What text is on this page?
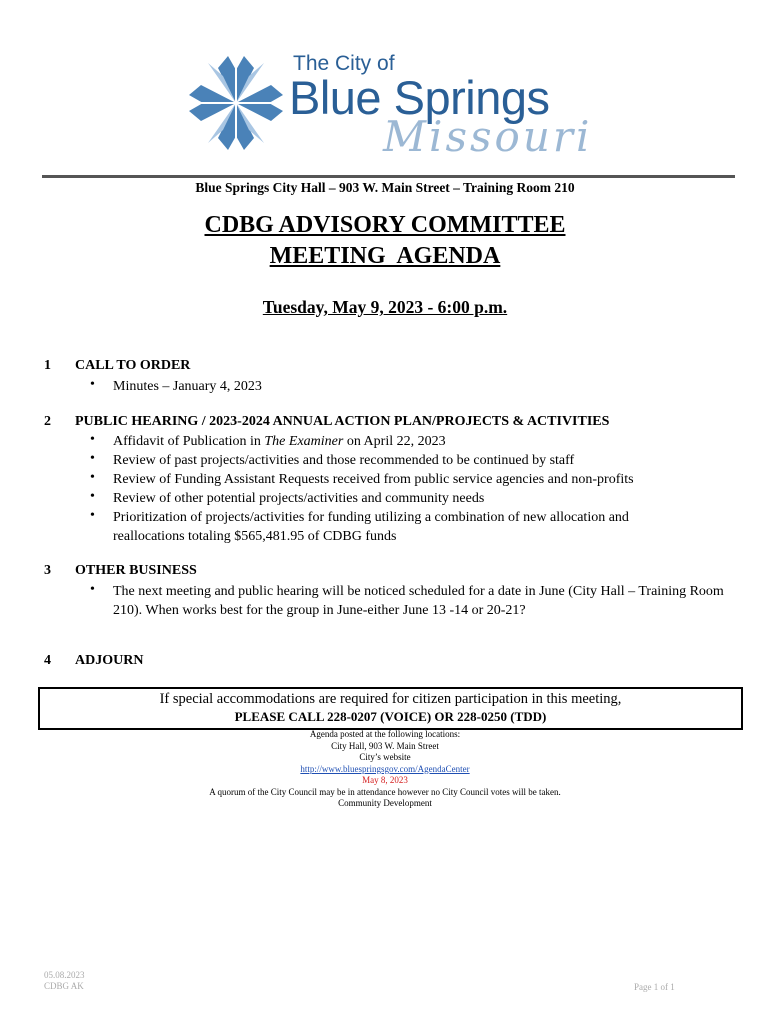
The City of
Blue Springs
Missouri
Blue Springs City Hall – 903 W. Main Street – Training Room 210
CDBG ADVISORY COMMITTEE
MEETING  AGENDA
Tuesday, May 9, 2023 - 6:00 p.m.
1 CALL TO ORDER
• Minutes – January 4, 2023
2 PUBLIC HEARING / 2023-2024 ANNUAL ACTION PLAN/PROJECTS & ACTIVITIES
• Affidavit of Publication in The Examiner on April 22, 2023
• Review of past projects/activities and those recommended to be continued by staff
• Review of Funding Assistant Requests received from public service agencies and non-profits
• Review of other potential projects/activities and community needs
• Prioritization of projects/activities for funding utilizing a combination of new allocation and reallocations totaling $565,481.95 of CDBG funds
3 OTHER BUSINESS
• The next meeting and public hearing will be noticed scheduled for a date in June (City Hall – Training Room 210). When works best for the group in June-either June 13 -14 or 20-21?
4 ADJOURN
If special accommodations are required for citizen participation in this meeting,
PLEASE CALL 228-0207 (VOICE) OR 228-0250 (TDD)
Agenda posted at the following locations:
City Hall, 903 W. Main Street
City’s website
http://www.bluespringsgov.com/AgendaCenter
May 8, 2023
A quorum of the City Council may be in attendance however no City Council votes will be taken.
Community Development
05.08.2023
CDBG AK	Page 1 of 1
